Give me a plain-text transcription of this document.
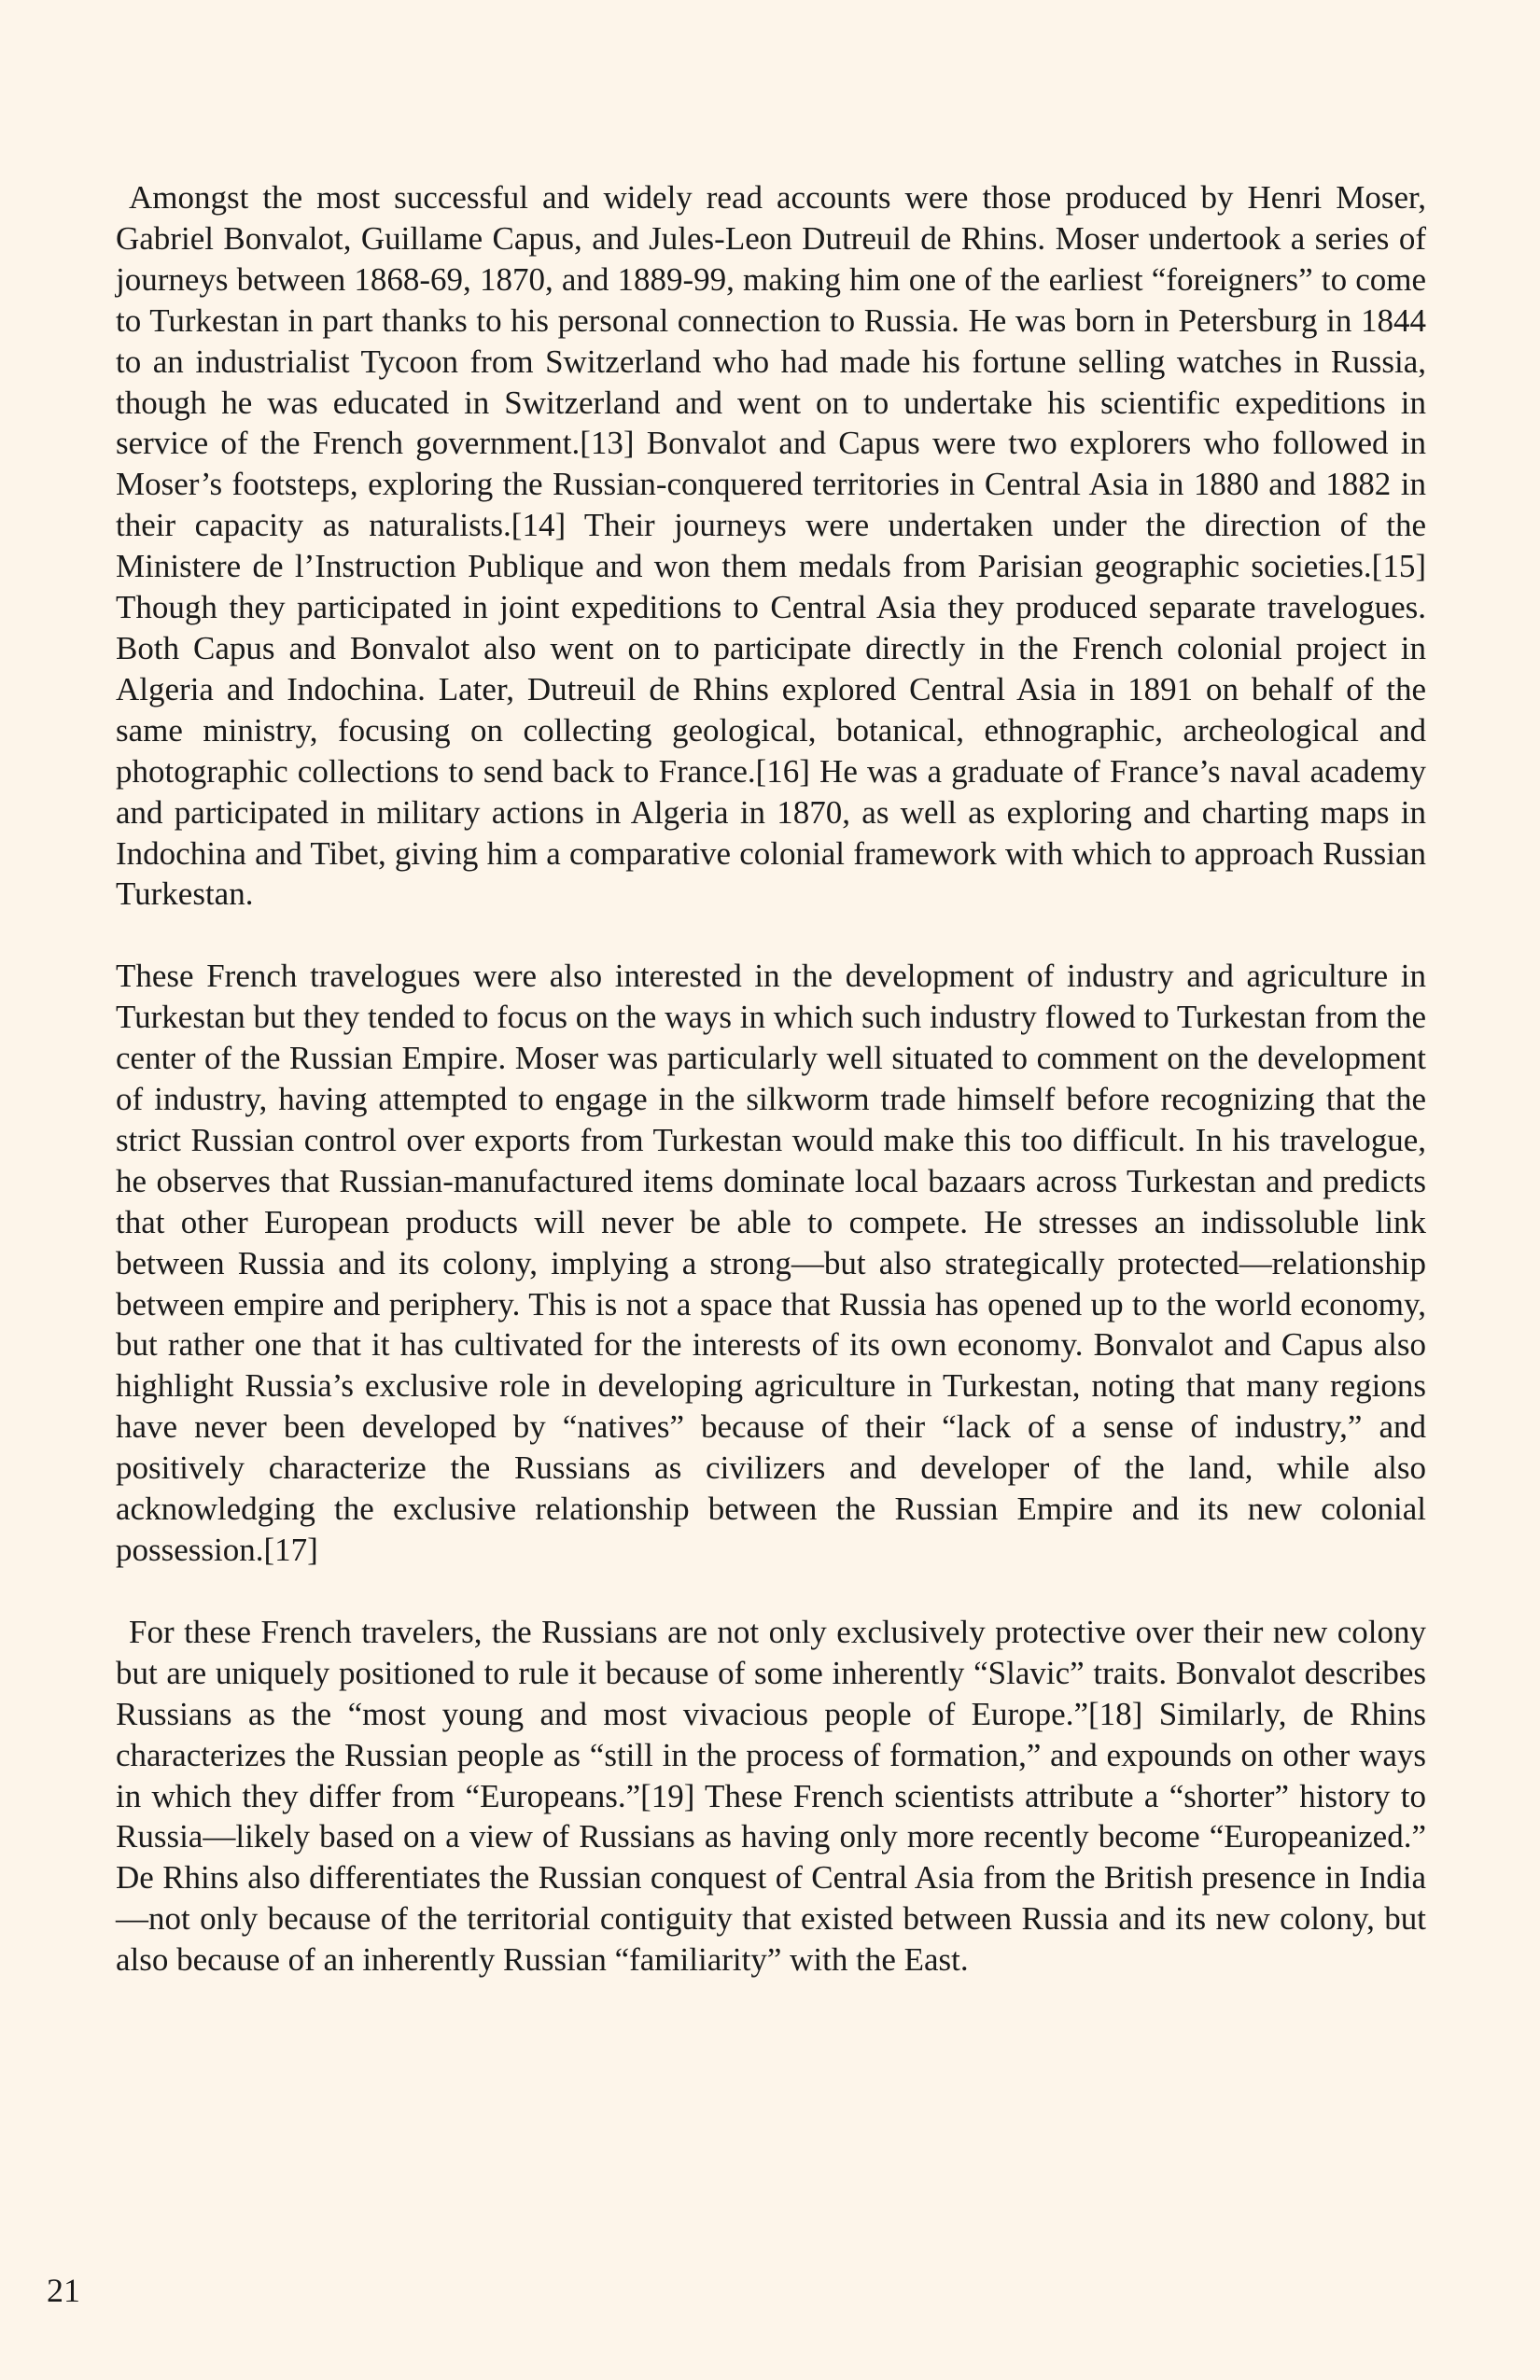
Amongst the most successful and widely read accounts were those produced by Henri Moser, Gabriel Bonvalot, Guillame Capus, and Jules-Leon Dutreuil de Rhins. Moser undertook a series of journeys between 1868-69, 1870, and 1889-99, making him one of the earliest “foreigners” to come to Turkestan in part thanks to his personal connection to Russia. He was born in Petersburg in 1844 to an industrialist Tycoon from Switzerland who had made his fortune selling watches in Russia, though he was educated in Switzerland and went on to undertake his scientific expeditions in service of the French government.[13] Bonvalot and Capus were two explorers who followed in Moser’s footsteps, exploring the Russian-conquered territories in Central Asia in 1880 and 1882 in their capacity as naturalists.[14] Their journeys were undertaken under the direction of the Ministere de l’Instruction Publique and won them medals from Parisian geographic societies.[15] Though they participated in joint expeditions to Central Asia they produced separate travelogues. Both Capus and Bonvalot also went on to participate directly in the French colonial project in Algeria and Indochina. Later, Dutreuil de Rhins explored Central Asia in 1891 on behalf of the same ministry, focusing on collecting geological, botanical, ethnographic, archeological and photographic collections to send back to France.[16] He was a graduate of France’s naval academy and participated in military actions in Algeria in 1870, as well as exploring and charting maps in Indochina and Tibet, giving him a comparative colonial framework with which to approach Russian Turkestan.

These French travelogues were also interested in the development of industry and agriculture in Turkestan but they tended to focus on the ways in which such industry flowed to Turkestan from the center of the Russian Empire. Moser was particularly well situated to comment on the development of industry, having attempted to engage in the silkworm trade himself before recognizing that the strict Russian control over exports from Turkestan would make this too difficult. In his travelogue, he observes that Russian-manufactured items dominate local bazaars across Turkestan and predicts that other European products will never be able to compete. He stresses an indissoluble link between Russia and its colony, implying a strong—but also strategically protected—relationship between empire and periphery. This is not a space that Russia has opened up to the world economy, but rather one that it has cultivated for the interests of its own economy. Bonvalot and Capus also highlight Russia’s exclusive role in developing agriculture in Turkestan, noting that many regions have never been developed by “natives” because of their “lack of a sense of industry,” and positively characterize the Russians as civilizers and developer of the land, while also acknowledging the exclusive relationship between the Russian Empire and its new colonial possession.[17]

For these French travelers, the Russians are not only exclusively protective over their new colony but are uniquely positioned to rule it because of some inherently “Slavic” traits. Bonvalot describes Russians as the “most young and most vivacious people of Europe.”[18] Similarly, de Rhins characterizes the Russian people as “still in the process of formation,” and expounds on other ways in which they differ from “Europeans.”[19] These French scientists attribute a “shorter” history to Russia—likely based on a view of Russians as having only more recently become “Europeanized.” De Rhins also differentiates the Russian conquest of Central Asia from the British presence in India—not only because of the territorial contiguity that existed between Russia and its new colony, but also because of an inherently Russian “familiarity” with the East.

21
